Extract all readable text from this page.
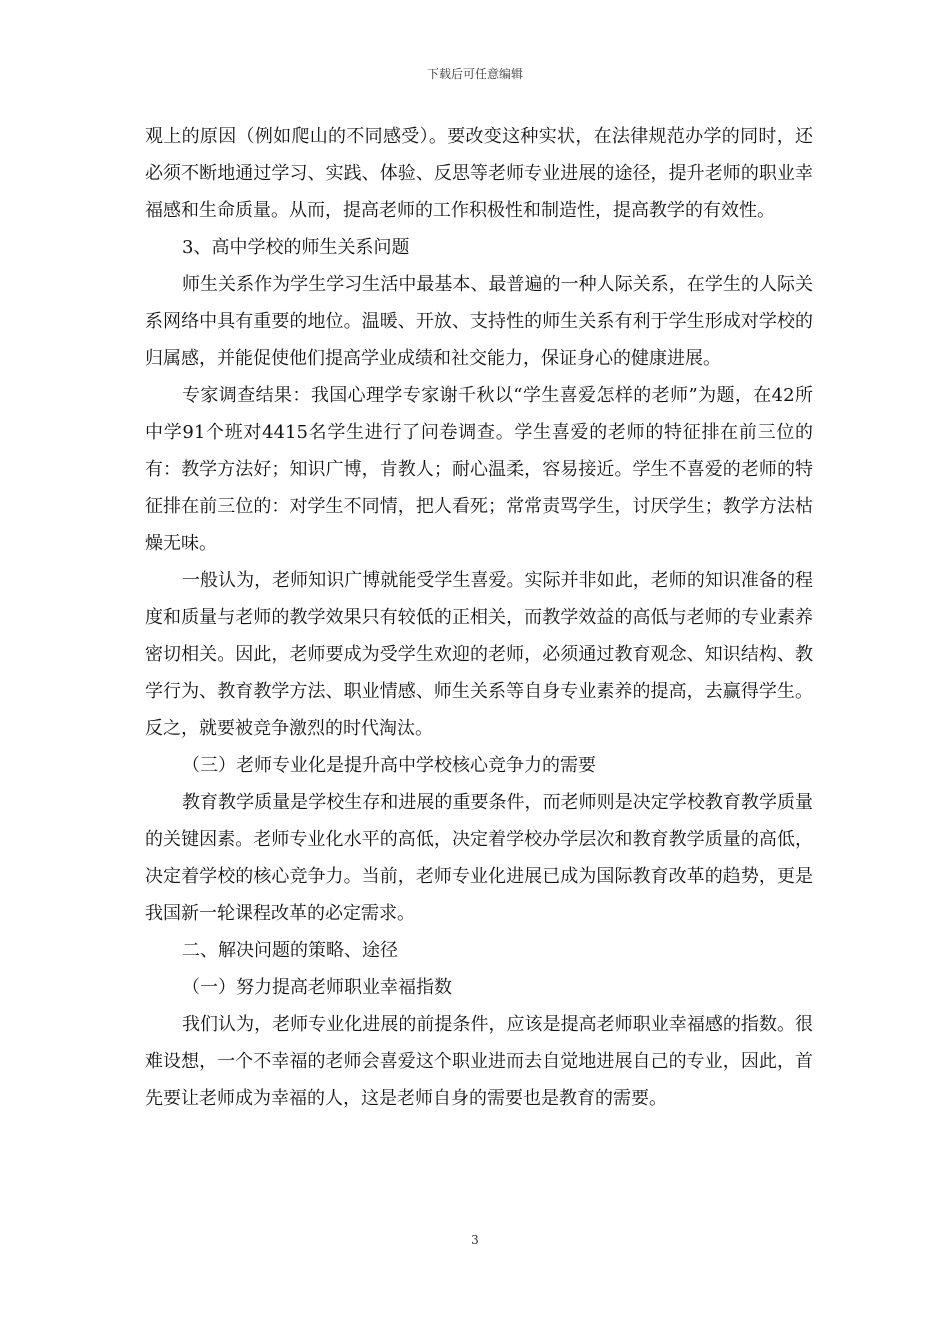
下载后可任意编辑

观上的原因（例如爬山的不同感受）。要改变这种实状，在法律规范办学的同时，还必须不断地通过学习、实践、体验、反思等老师专业进展的途径，提升老师的职业幸福感和生命质量。从而，提高老师的工作积极性和制造性，提高教学的有效性。

3、高中学校的师生关系问题

师生关系作为学生学习生活中最基本、最普遍的一种人际关系，在学生的人际关系网络中具有重要的地位。温暖、开放、支持性的师生关系有利于学生形成对学校的归属感，并能促使他们提高学业成绩和社交能力，保证身心的健康进展。

专家调查结果：我国心理学专家谢千秋以“学生喜爱怎样的老师”为题，在42所中学91个班对4415名学生进行了问卷调查。学生喜爱的老师的特征排在前三位的有：教学方法好；知识广博，肯教人；耐心温柔，容易接近。学生不喜爱的老师的特征排在前三位的：对学生不同情，把人看死；常常责骂学生，讨厌学生；教学方法枯燥无味。

一般认为，老师知识广博就能受学生喜爱。实际并非如此，老师的知识准备的程度和质量与老师的教学效果只有较低的正相关，而教学效益的高低与老师的专业素养密切相关。因此，老师要成为受学生欢迎的老师，必须通过教育观念、知识结构、教学行为、教育教学方法、职业情感、师生关系等自身专业素养的提高，去赢得学生。反之，就要被竞争激烈的时代淘汰。

（三）老师专业化是提升高中学校核心竞争力的需要

教育教学质量是学校生存和进展的重要条件，而老师则是决定学校教育教学质量的关键因素。老师专业化水平的高低，决定着学校办学层次和教育教学质量的高低，决定着学校的核心竞争力。当前，老师专业化进展已成为国际教育改革的趋势，更是我国新一轮课程改革的必定需求。

二、解决问题的策略、途径

（一）努力提高老师职业幸福指数

我们认为，老师专业化进展的前提条件，应该是提高老师职业幸福感的指数。很难设想，一个不幸福的老师会喜爱这个职业进而去自觉地进展自己的专业，因此，首先要让老师成为幸福的人，这是老师自身的需要也是教育的需要。

3
